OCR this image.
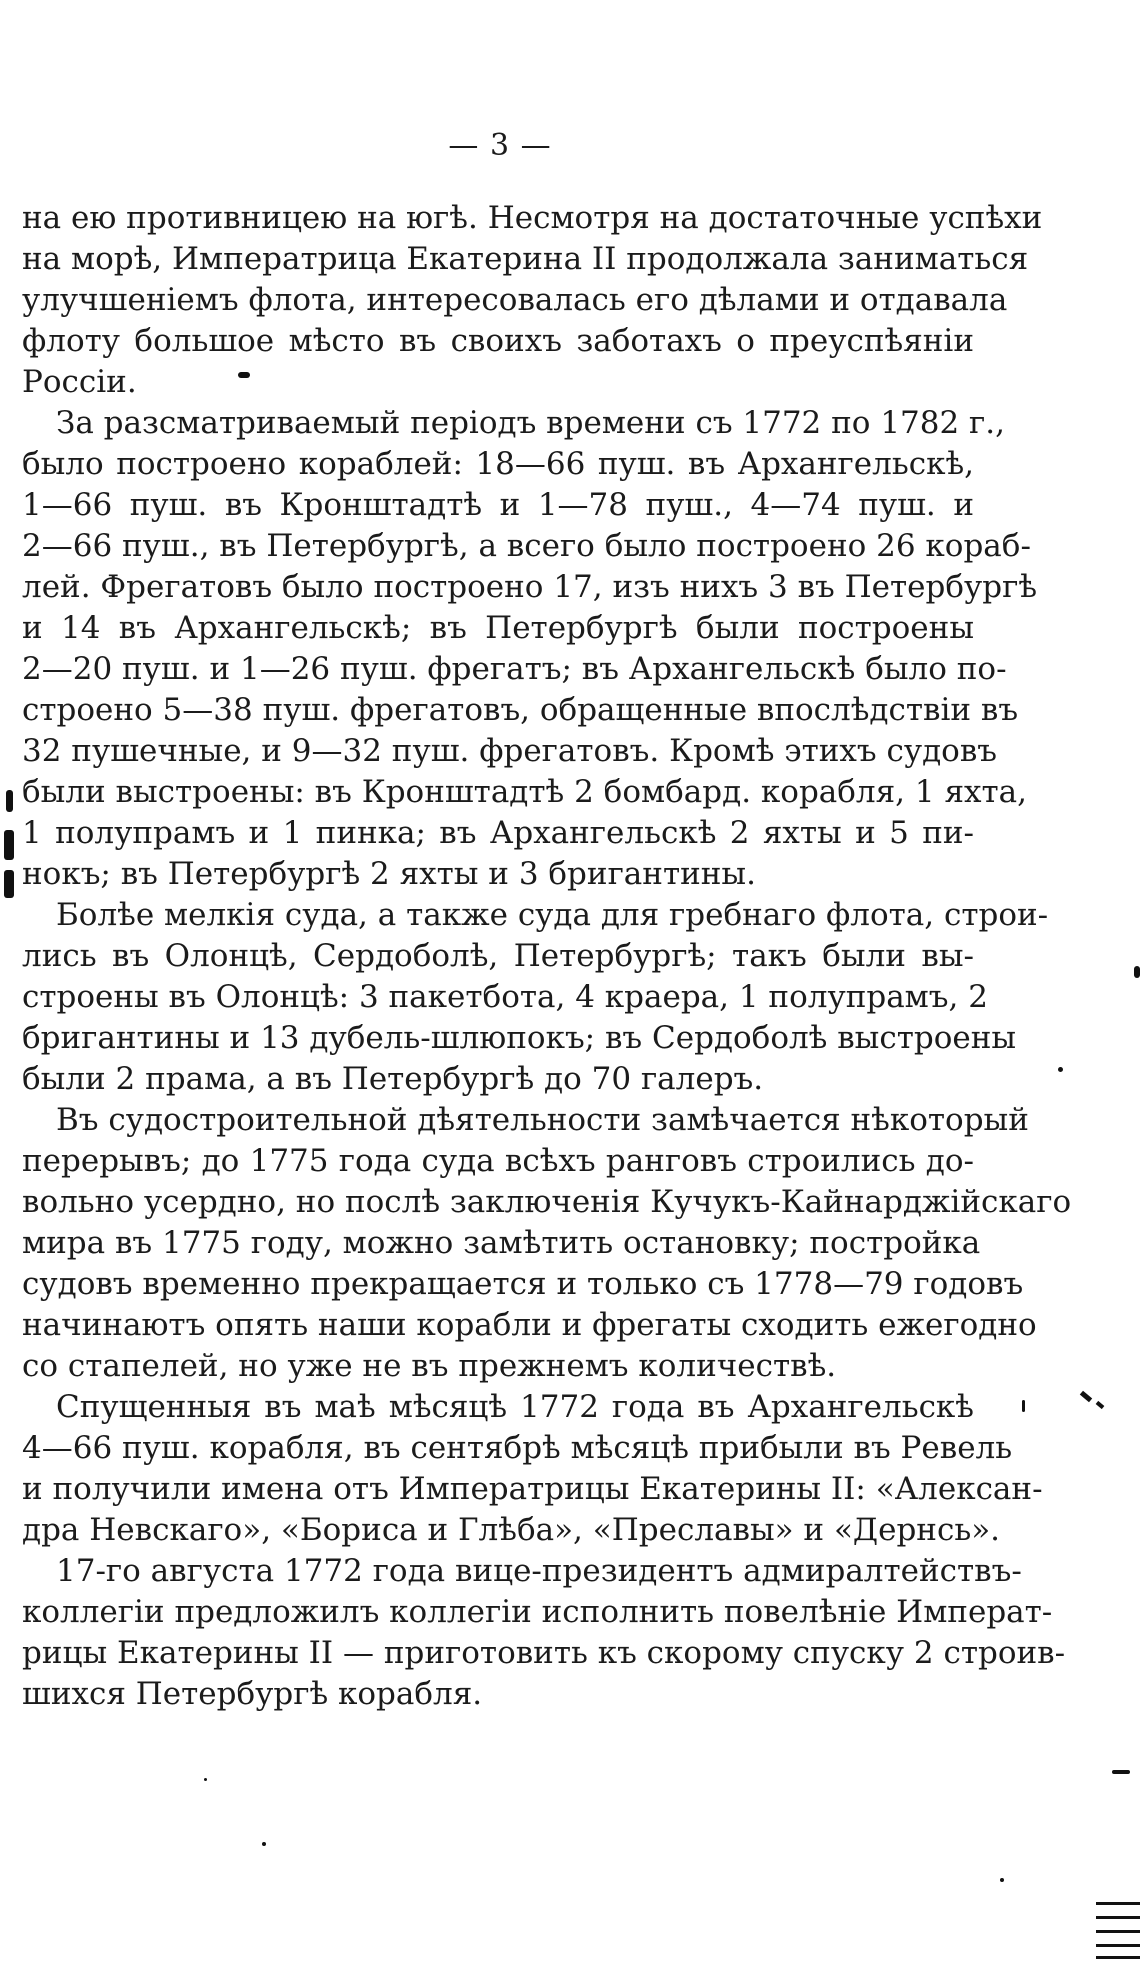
— 3 —
на ею противницею на югѣ. Несмотря на достаточные успѣхи
на морѣ, Императрица Екатерина II продолжала заниматься
улучшеніемъ флота, интересовалась его дѣлами и отдавала
флоту большое мѣсто въ своихъ заботахъ о преуспѣяніи
Россіи.
За разсматриваемый періодъ времени съ 1772 по 1782 г.,
было построено кораблей: 18—66 пуш. въ Архангельскѣ,
1—66 пуш. въ Кронштадтѣ и 1—78 пуш., 4—74 пуш. и
2—66 пуш., въ Петербургѣ, а всего было построено 26 кораб-
лей. Фрегатовъ было построено 17, изъ нихъ 3 въ Петербургѣ
и 14 въ Архангельскѣ; въ Петербургѣ были построены
2—20 пуш. и 1—26 пуш. фрегатъ; въ Архангельскѣ было по-
строено 5—38 пуш. фрегатовъ, обращенные впослѣдствіи въ
32 пушечные, и 9—32 пуш. фрегатовъ. Кромѣ этихъ судовъ
были выстроены: въ Кронштадтѣ 2 бомбард. корабля, 1 яхта,
1 полупрамъ и 1 пинка; въ Архангельскѣ 2 яхты и 5 пи-
нокъ; въ Петербургѣ 2 яхты и 3 бригантины.
Болѣе мелкія суда, а также суда для гребнаго флота, строи-
лись въ Олонцѣ, Сердоболѣ, Петербургѣ; такъ были вы-
строены въ Олонцѣ: 3 пакетбота, 4 краера, 1 полупрамъ, 2
бригантины и 13 дубель-шлюпокъ; въ Сердоболѣ выстроены
были 2 прама, а въ Петербургѣ до 70 галеръ.
Въ судостроительной дѣятельности замѣчается нѣкоторый
перерывъ; до 1775 года суда всѣхъ ранговъ строились до-
вольно усердно, но послѣ заключенія Кучукъ-Кайнарджійскаго
мира въ 1775 году, можно замѣтить остановку; постройка
судовъ временно прекращается и только съ 1778—79 годовъ
начинаютъ опять наши корабли и фрегаты сходить ежегодно
со стапелей, но уже не въ прежнемъ количествѣ.
Спущенныя въ маѣ мѣсяцѣ 1772 года въ Архангельскѣ
4—66 пуш. корабля, въ сентябрѣ мѣсяцѣ прибыли въ Ревель
и получили имена отъ Императрицы Екатерины II: «Алексан-
дра Невскаго», «Бориса и Глѣба», «Преславы» и «Дернсь».
17-го августа 1772 года вице-президентъ адмиралтействъ-
коллегіи предложилъ коллегіи исполнить повелѣніе Императ-
рицы Екатерины II — приготовить къ скорому спуску 2 строив-
шихся Петербургѣ корабля.
